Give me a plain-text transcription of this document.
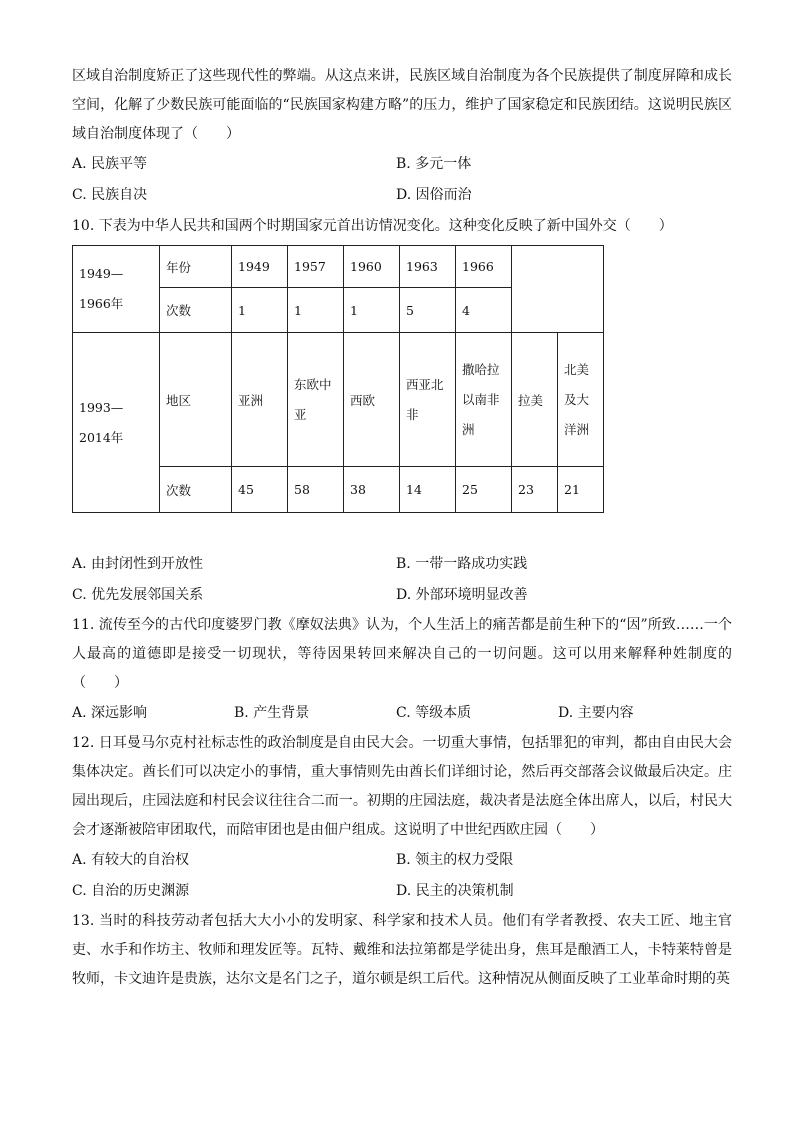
区域自治制度矫正了这些现代性的弊端。从这点来讲，民族区域自治制度为各个民族提供了制度屏障和成长空间，化解了少数民族可能面临的“民族国家构建方略”的压力，维护了国家稳定和民族团结。这说明民族区域自治制度体现了（　　）

A. 民族平等	B. 多元一体
C. 民族自决	D. 因俗而治

10. 下表为中华人民共和国两个时期国家元首出访情况变化。这种变化反映了新中国外交（　　）

1949—1966年	年份	1949	1957	1960	1963	1966		
	次数	1	1	1	5	4		
1993—2014年	地区	亚洲	东欧中亚	西欧	西亚北非	撒哈拉以南非洲	拉美	北美及大洋洲
	次数	45	58	38	14	25	23	21
A. 由封闭性到开放性	B. 一带一路成功实践
C. 优先发展邻国关系	D. 外部环境明显改善

11. 流传至今的古代印度婆罗门教《摩奴法典》认为，个人生活上的痛苦都是前生种下的“因”所致……一个人最高的道德即是接受一切现状，等待因果转回来解决自己的一切问题。这可以用来解释种姓制度的（　　）

A. 深远影响	B. 产生背景	C. 等级本质	D. 主要内容

12. 日耳曼马尔克村社标志性的政治制度是自由民大会。一切重大事情，包括罪犯的审判，都由自由民大会集体决定。酋长们可以决定小的事情，重大事情则先由酋长们详细讨论，然后再交部落会议做最后决定。庄园出现后，庄园法庭和村民会议往往合二而一。初期的庄园法庭，裁决者是法庭全体出席人，以后，村民大会才逐渐被陪审团取代，而陪审团也是由佃户组成。这说明了中世纪西欧庄园（　　）

A. 有较大的自治权	B. 领主的权力受限
C. 自治的历史渊源	D. 民主的决策机制

13. 当时的科技劳动者包括大大小小的发明家、科学家和技术人员。他们有学者教授、农夫工匠、地主官吏、水手和作坊主、牧师和理发匠等。瓦特、戴维和法拉第都是学徒出身，焦耳是酿酒工人，卡特莱特曾是牧师，卡文迪许是贵族，达尔文是名门之子，道尔顿是织工后代。这种情况从侧面反映了工业革命时期的英
